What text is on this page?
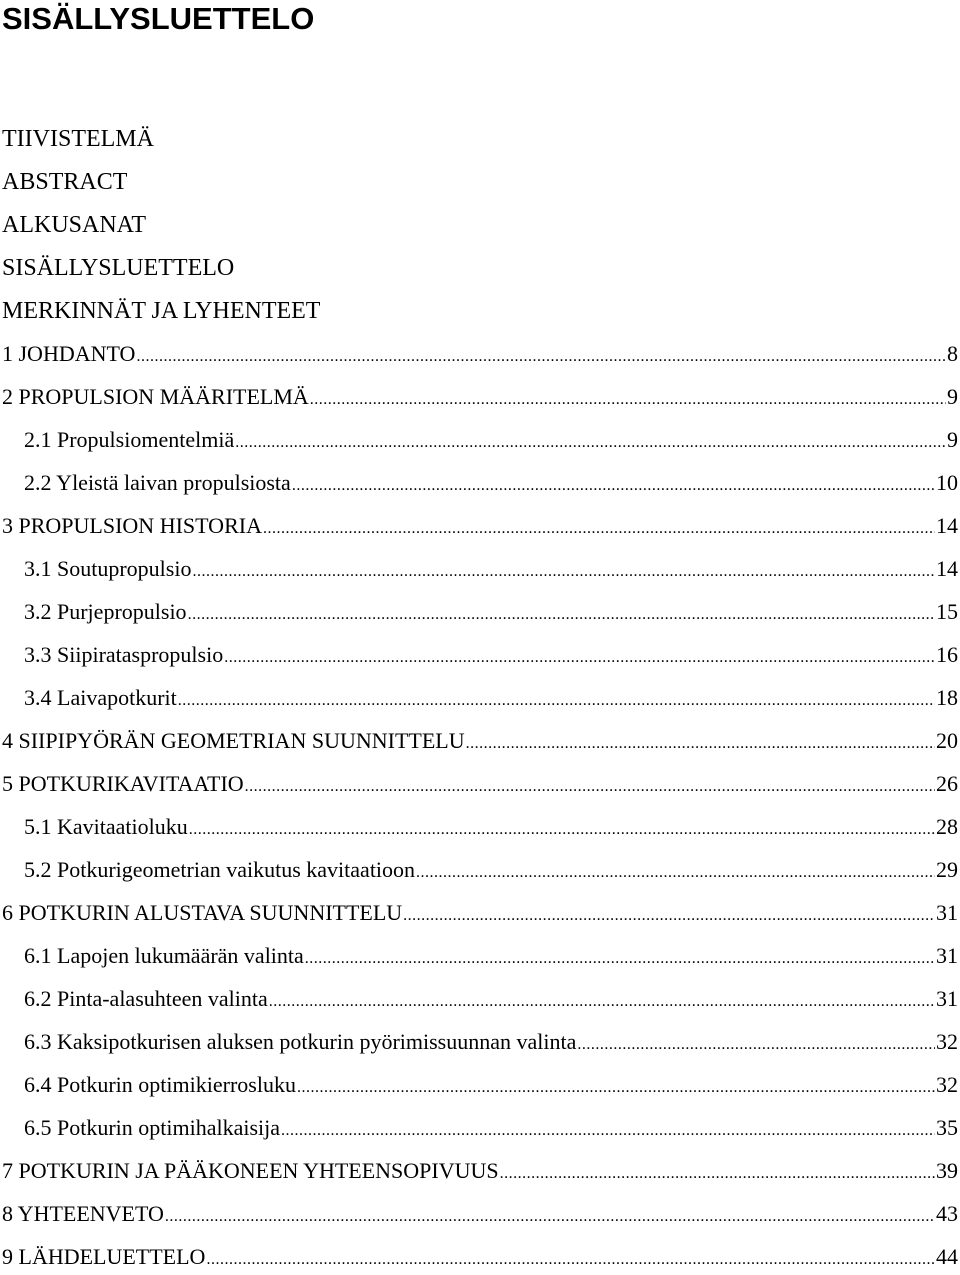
SISÄLLYSLUETTELO
TIIVISTELMÄ
ABSTRACT
ALKUSANAT
SISÄLLYSLUETTELO
MERKINNÄT JA LYHENTEET
1 JOHDANTO .....	8
2 PROPULSION MÄÄRITELMÄ .....	9
2.1 Propulsiomentelmiä .....	9
2.2 Yleistä laivan propulsiosta .....	10
3 PROPULSION HISTORIA .....	14
3.1 Soutupropulsio .....	14
3.2 Purjepropulsio .....	15
3.3 Siipirataspropulsio .....	16
3.4 Laivapotkurit .....	18
4 SIIPIPYÖRÄN GEOMETRIAN SUUNNITTELU .....	20
5 POTKURIKAVITAATIO .....	26
5.1 Kavitaatioluku .....	28
5.2 Potkurigeometrian vaikutus kavitaatioon .....	29
6 POTKURIN ALUSTAVA SUUNNITTELU .....	31
6.1 Lapojen lukumäärän valinta .....	31
6.2 Pinta-alasuhteen valinta .....	31
6.3 Kaksipotkurisen aluksen potkurin pyörimissuunnan valinta .....	32
6.4 Potkurin optimikierrosluku .....	32
6.5 Potkurin optimihalkaisija .....	35
7 POTKURIN JA PÄÄKONEEN YHTEENSOPIVUUS .....	39
8 YHTEENVETO .....	43
9 LÄHDELUETTELO .....	44
